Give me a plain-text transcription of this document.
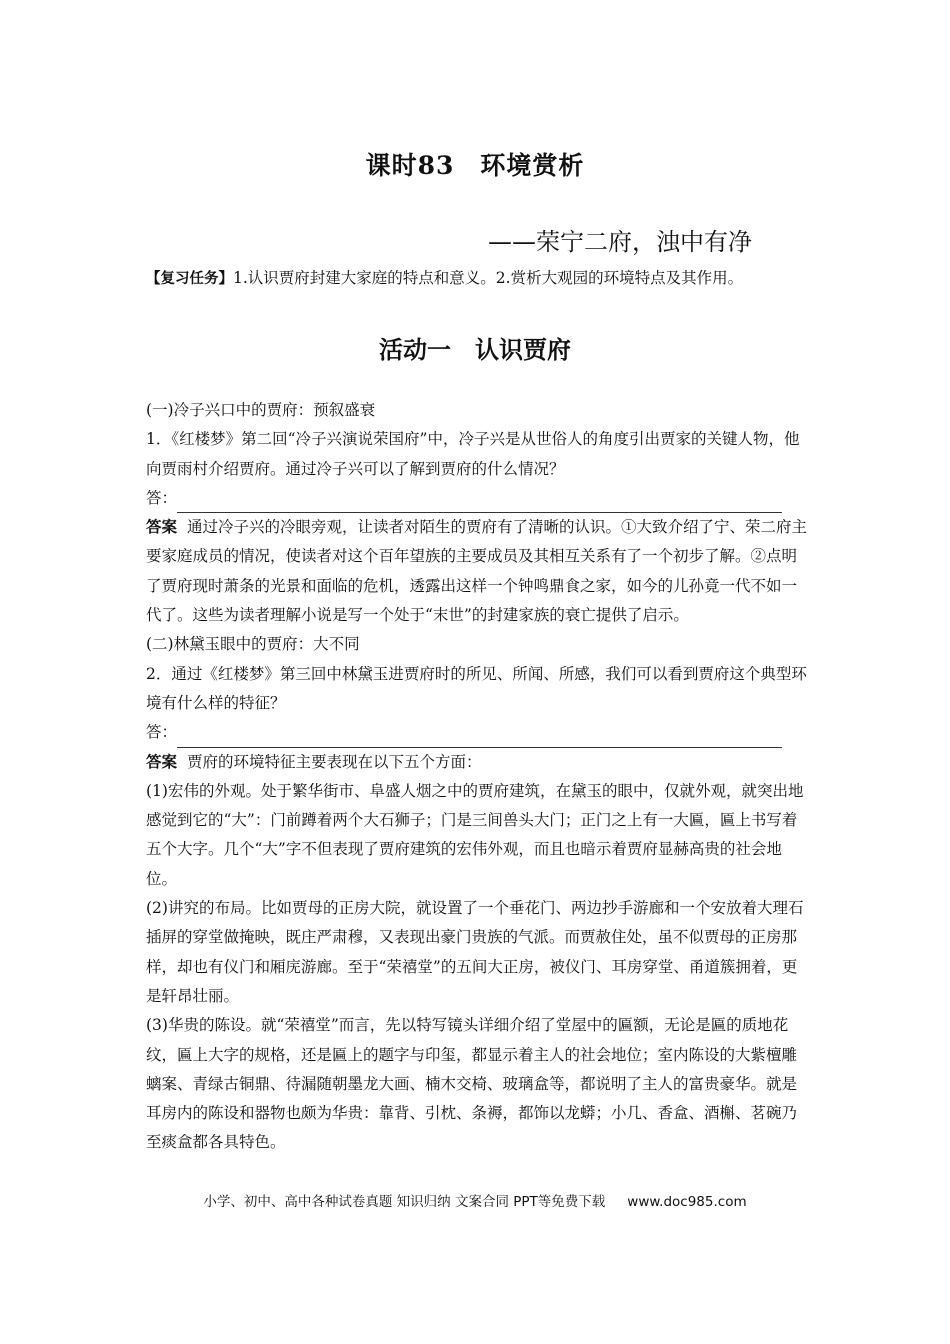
课时83　环境赏析
——荣宁二府，浊中有净
【复习任务】1.认识贾府封建大家庭的特点和意义。2.赏析大观园的环境特点及其作用。
活动一　认识贾府

(一)冷子兴口中的贾府：预叙盛衰

1．《红楼梦》第二回“冷子兴演说荣国府”中，冷子兴是从世俗人的角度引出贾家的关键人物，他向贾雨村介绍贾府。通过冷子兴可以了解到贾府的什么情况？

答：

答案 通过冷子兴的冷眼旁观，让读者对陌生的贾府有了清晰的认识。①大致介绍了宁、荣二府主要家庭成员的情况，使读者对这个百年望族的主要成员及其相互关系有了一个初步了解。②点明了贾府现时萧条的光景和面临的危机，透露出这样一个钟鸣鼎食之家，如今的儿孙竟一代不如一代了。这些为读者理解小说是写一个处于“末世”的封建家族的衰亡提供了启示。

(二)林黛玉眼中的贾府：大不同

2．通过《红楼梦》第三回中林黛玉进贾府时的所见、所闻、所感，我们可以看到贾府这个典型环境有什么样的特征？

答：

答案 贾府的环境特征主要表现在以下五个方面：

(1)宏伟的外观。处于繁华街市、阜盛人烟之中的贾府建筑，在黛玉的眼中，仅就外观，就突出地感觉到它的“大”：门前蹲着两个大石狮子；门是三间兽头大门；正门之上有一大匾，匾上书写着五个大字。几个“大”字不但表现了贾府建筑的宏伟外观，而且也暗示着贾府显赫高贵的社会地位。

(2)讲究的布局。比如贾母的正房大院，就设置了一个垂花门、两边抄手游廊和一个安放着大理石插屏的穿堂做掩映，既庄严肃穆，又表现出豪门贵族的气派。而贾赦住处，虽不似贾母的正房那样，却也有仪门和厢庑游廊。至于“荣禧堂”的五间大正房，被仪门、耳房穿堂、甬道簇拥着，更是轩昂壮丽。

(3)华贵的陈设。就“荣禧堂”而言，先以特写镜头详细介绍了堂屋中的匾额，无论是匾的质地花纹，匾上大字的规格，还是匾上的题字与印玺，都显示着主人的社会地位；室内陈设的大紫檀雕螭案、青绿古铜鼎、待漏随朝墨龙大画、楠木交椅、玻璃盒等，都说明了主人的富贵豪华。就是耳房内的陈设和器物也颇为华贵：靠背、引枕、条褥，都饰以龙蟒；小几、香盒、酒槲、茗碗乃至痰盒都各具特色。

小学、初中、高中各种试卷真题 知识归纳 文案合同 PPT等免费下载 www.doc985.com
